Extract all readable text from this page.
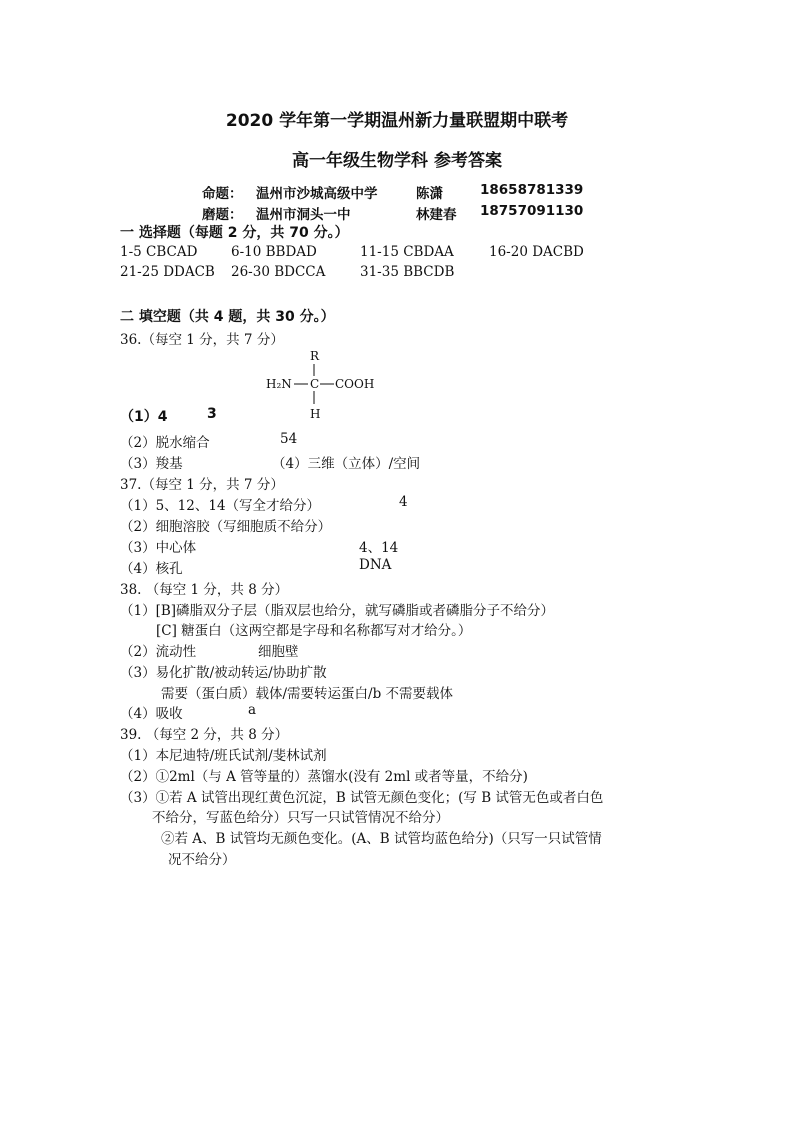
2020 学年第一学期温州新力量联盟期中联考
高一年级生物学科 参考答案
命题： 温州市沙城高级中学	陈潇	18658781339
磨题： 温州市洞头一中	林建春 18757091130
一 选择题（每题 2 分，共 70 分。）
1-5 CBCAD 6-10 BBDAD	11-15 CBDAA	16-20 DACBD
21-25 DDACB 26-30 BDCCA	31-35 BBCDB
二 填空题（共 4 题，共 30 分。）
36.（每空 1 分，共 7 分）
R
H₂N C COOH
H
（1）4	3
（2）脱水缩合	54
（3）羧基	（4）三维（立体）/空间
37.（每空 1 分，共 7 分）
（1）5、12、14（写全才给分）	4
（2）细胞溶胶（写细胞质不给分）
（3）中心体	4、14
（4）核孔	DNA
38. （每空 1 分，共 8 分）
（1）[B]磷脂双分子层（脂双层也给分，就写磷脂或者磷脂分子不给分）
[C] 糖蛋白（这两空都是字母和名称都写对才给分。）
（2）流动性	细胞壁
（3）易化扩散/被动转运/协助扩散
需要（蛋白质）载体/需要转运蛋白/b 不需要载体
（4）吸收	a
39. （每空 2 分，共 8 分）
（1）本尼迪特/班氏试剂/斐林试剂
（2）①2ml（与 A 管等量的）蒸馏水(没有 2ml 或者等量，不给分)
（3）①若 A 试管出现红黄色沉淀，B 试管无颜色变化；(写 B 试管无色或者白色
不给分，写蓝色给分）只写一只试管情况不给分）
②若 A、B 试管均无颜色变化。(A、B 试管均蓝色给分)（只写一只试管情
况不给分）
